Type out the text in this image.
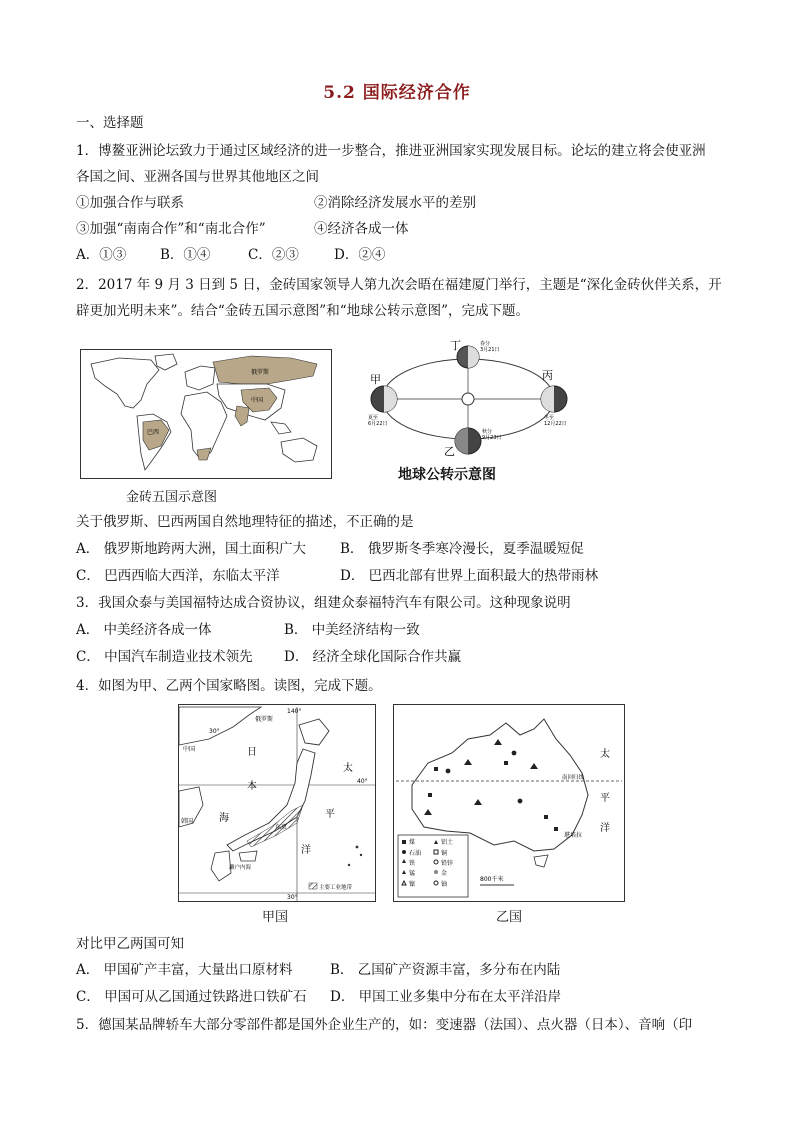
5.2 国际经济合作
一、选择题
1．博鳌亚洲论坛致力于通过区域经济的进一步整合，推进亚洲国家实现发展目标。论坛的建立将会使亚洲
各国之间、亚洲各国与世界其他地区之间
①加强合作与联系	②消除经济发展水平的差别
③加强“南南合作”和“南北合作”	④经济各成一体
A．①③	B．①④	C．②③	D．②④
2．2017 年 9 月 3 日到 5 日，金砖国家领导人第九次会晤在福建厦门举行，主题是“深化金砖伙伴关系，开
辟更加光明未来”。结合“金砖五国示意图”和“地球公转示意图”，完成下题。
俄罗斯
中国
巴西
金砖五国示意图
甲
乙
丙
丁	春分
3月21日
夏至
6月22日
秋分
9月23日
冬至
12月22日
地球公转示意图
关于俄罗斯、巴西两国自然地理特征的描述，不正确的是
A． 俄罗斯地跨两大洲，国土面积广大	B． 俄罗斯冬季寒冷漫长，夏季温暖短促
C． 巴西西临大西洋，东临太平洋	D． 巴西北部有世界上面积最大的热带雨林
3．我国众泰与美国福特达成合资协议，组建众泰福特汽车有限公司。这种现象说明
A． 中美经济各成一体	B． 中美经济结构一致
C． 中国汽车制造业技术领先 D． 经济全球化国际合作共赢
4．如图为甲、乙两个国家略图。读图，完成下题。
主要工业地带
俄罗斯
中国
韩国
日
本
海
太
平
洋
东京
濑户内海
140°
40°
30°
30°
甲国
南回归线
太
平
洋
堪培拉
煤
石油
铁
锰
镍
铝土
铜
铅锌
金
铀
800千米
乙国
对比甲乙两国可知
A． 甲国矿产丰富，大量出口原材料	B． 乙国矿产资源丰富，多分布在内陆
C． 甲国可从乙国通过铁路进口铁矿石 D． 甲国工业多集中分布在太平洋沿岸
5．德国某品牌轿车大部分零部件都是国外企业生产的，如：变速器（法国）、点火器（日本）、音响（印
